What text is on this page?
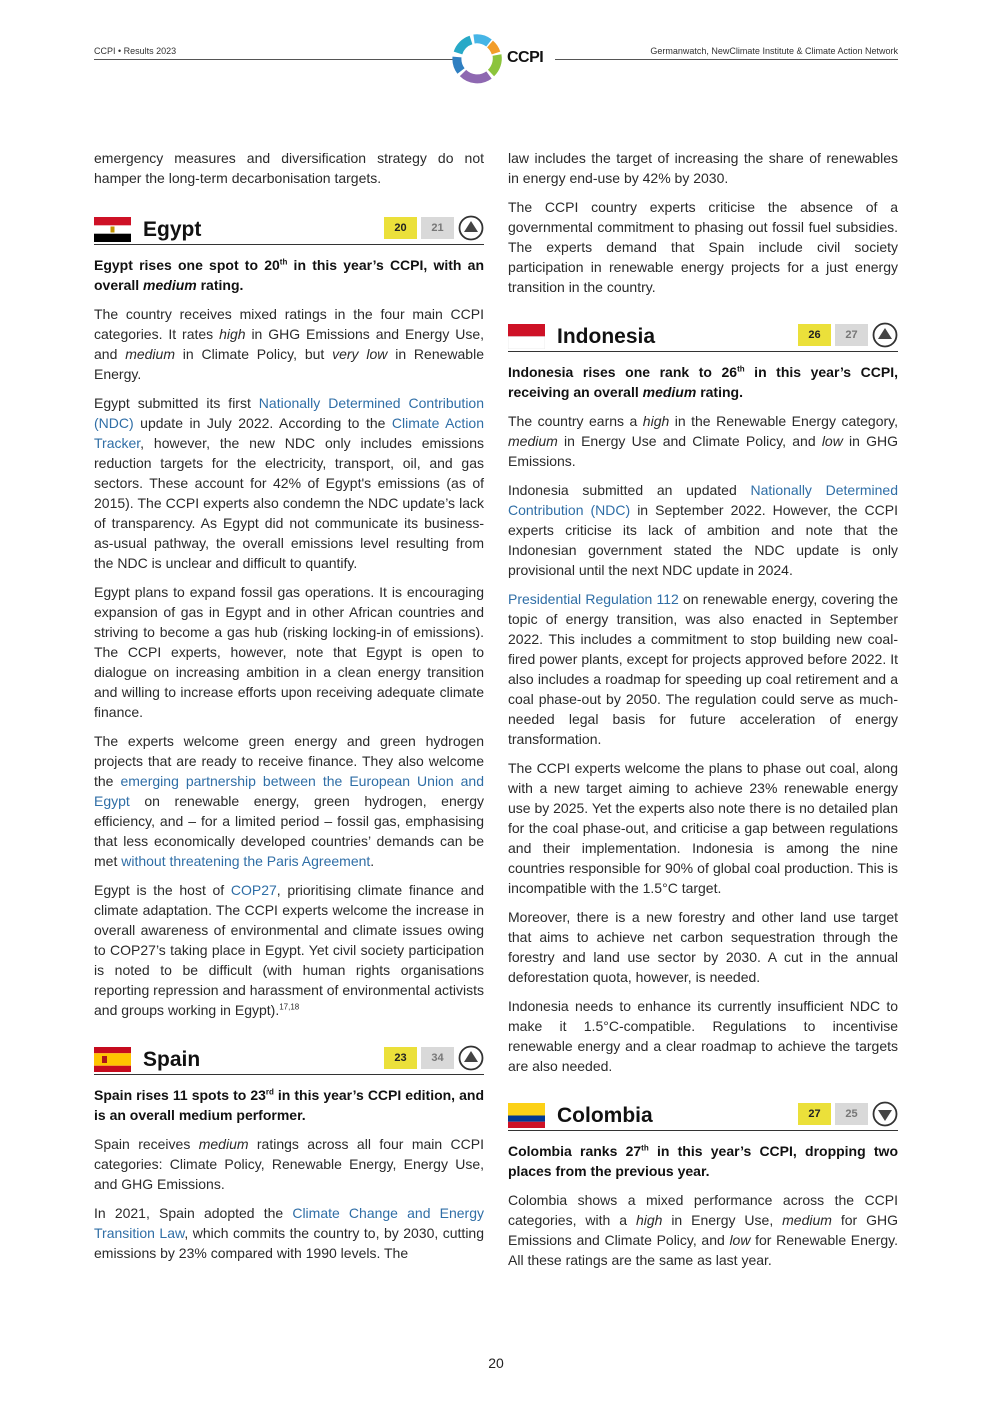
CCPI • Results 2023	Germanwatch, NewClimate Institute & Climate Action Network
CCPI

emergency measures and diversification strategy do not hamper the long-term decarbonisation targets.

Egypt	20	21

Egypt rises one spot to 20th in this year’s CCPI, with an overall medium rating.

The country receives mixed ratings in the four main CCPI categories. It rates high in GHG Emissions and Energy Use, and medium in Climate Policy, but very low in Renewable Energy.

Egypt submitted its first Nationally Determined Contribution (NDC) update in July 2022. According to the Climate Action Tracker, however, the new NDC only includes emissions reduction targets for the electricity, transport, oil, and gas sectors. These account for 42% of Egypt's emissions (as of 2015). The CCPI experts also condemn the NDC update’s lack of transparency. As Egypt did not communicate its business-as-usual pathway, the overall emissions level resulting from the NDC is unclear and difficult to quantify.

Egypt plans to expand fossil gas operations. It is encouraging expansion of gas in Egypt and in other African countries and striving to become a gas hub (risking locking-in of emissions). The CCPI experts, however, note that Egypt is open to dialogue on increasing ambition in a clean energy transition and willing to increase efforts upon receiving adequate climate finance.

The experts welcome green energy and green hydrogen projects that are ready to receive finance. They also welcome the emerging partnership between the European Union and Egypt on renewable energy, green hydrogen, energy efficiency, and – for a limited period – fossil gas, emphasising that less economically developed countries’ demands can be met without threatening the Paris Agreement.

Egypt is the host of COP27, prioritising climate finance and climate adaptation. The CCPI experts welcome the increase in overall awareness of environmental and climate issues owing to COP27’s taking place in Egypt. Yet civil society participation is noted to be difficult (with human rights organisations reporting repression and harassment of environmental activists and groups working in Egypt).$^{17,18}$

Spain	23	34

Spain rises 11 spots to 23rd in this year’s CCPI edition, and is an overall medium performer.

Spain receives medium ratings across all four main CCPI categories: Climate Policy, Renewable Energy, Energy Use, and GHG Emissions.

In 2021, Spain adopted the Climate Change and Energy Transition Law, which commits the country to, by 2030, cutting emissions by 23% compared with 1990 levels. The

law includes the target of increasing the share of renewables in energy end-use by 42% by 2030.

The CCPI country experts criticise the absence of a governmental commitment to phasing out fossil fuel subsidies. The experts demand that Spain include civil society participation in renewable energy projects for a just energy transition in the country.

Indonesia	26	27

Indonesia rises one rank to 26th in this year’s CCPI, receiving an overall medium rating.

The country earns a high in the Renewable Energy category, medium in Energy Use and Climate Policy, and low in GHG Emissions.

Indonesia submitted an updated Nationally Determined Contribution (NDC) in September 2022. However, the CCPI experts criticise its lack of ambition and note that the Indonesian government stated the NDC update is only provisional until the next NDC update in 2024.

Presidential Regulation 112 on renewable energy, covering the topic of energy transition, was also enacted in September 2022. This includes a commitment to stop building new coal-fired power plants, except for projects approved before 2022. It also includes a roadmap for speeding up coal retirement and a coal phase-out by 2050. The regulation could serve as much-needed legal basis for future acceleration of energy transformation.

The CCPI experts welcome the plans to phase out coal, along with a new target aiming to achieve 23% renewable energy use by 2025. Yet the experts also note there is no detailed plan for the coal phase-out, and criticise a gap between regulations and their implementation. Indonesia is among the nine countries responsible for 90% of global coal production. This is incompatible with the 1.5°C target.

Moreover, there is a new forestry and other land use target that aims to achieve net carbon sequestration through the forestry and land use sector by 2030. A cut in the annual deforestation quota, however, is needed.

Indonesia needs to enhance its currently insufficient NDC to make it 1.5°C-compatible. Regulations to incentivise renewable energy and a clear roadmap to achieve the targets are also needed.

Colombia	27	25

Colombia ranks 27th in this year’s CCPI, dropping two places from the previous year.

Colombia shows a mixed performance across the CCPI categories, with a high in Energy Use, medium for GHG Emissions and Climate Policy, and low for Renewable Energy. All these ratings are the same as last year.

20
